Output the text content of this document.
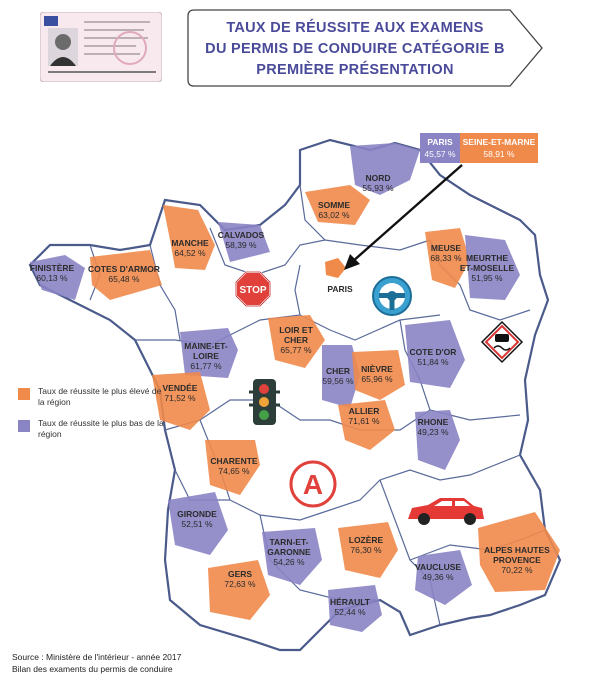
TAUX DE RÉUSSITE AUX EXAMENS
DU PERMIS DE CONDUIRE CATÉGORIE B
PREMIÈRE PRÉSENTATION
STOP
A
PARIS
45,57 %
SEINE-ET-MARNE
58,91 %
NORD
55,93 %
SOMME
63,02 %
MANCHE
64,52 %
CALVADOS
58,39 %
FINISTÈRE
60,13 %
COTES D'ARMOR
65,48 %
MEUSE
68,33 % MEURTHE
ET-MOSELLE
51,95 %
PARIS
LOIR ET
CHER
65,77 %
MAINE-ET-
LOIRE
61,77 %
COTE D'OR
51,84 %
CHER
59,56 %
NIÈVRE
65,96 %
VENDÉE
71,52 %
ALLIER
71,61 %
CHARENTE
74,65 %
RHONE
49,23 %
GIRONDE
52,51 %
TARN-ET-
GARONNE
54,26 %
LOZÈRE
76,30 %	ALPES HAUTES
PROVENCE
70,22 %
VAUCLUSE
49,36 %
GERS
72,63 %
HÉRAULT
52,44 %
Taux de réussite le plus élevé de la région
Taux de réussite le plus bas de la région
Source : Ministère de l'intérieur - année 2017
Bilan des examents du permis de conduire
